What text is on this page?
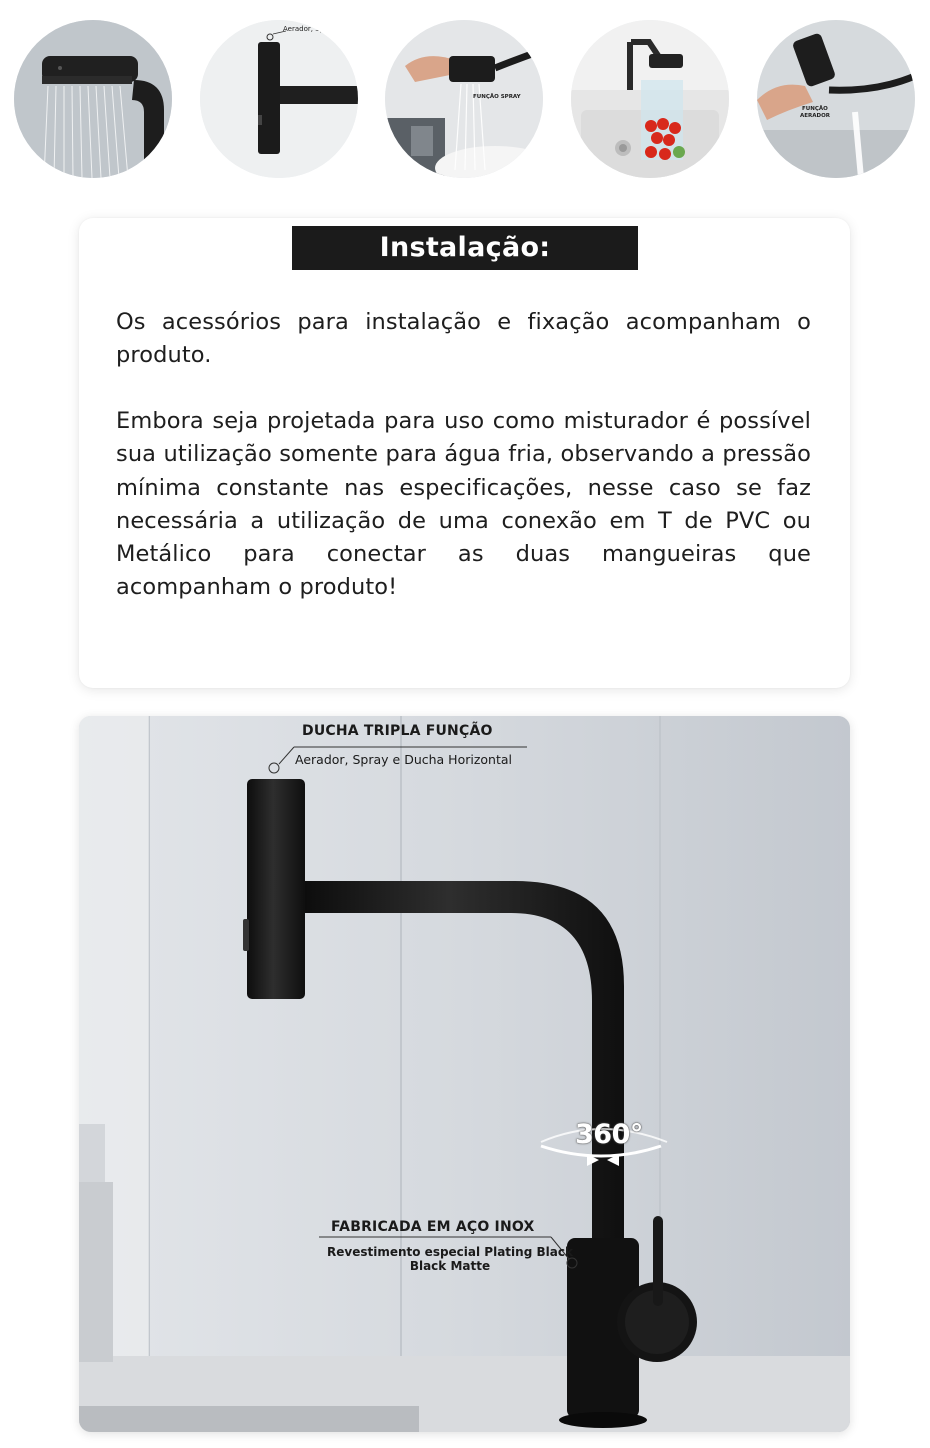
Aerador, Spray
FUNÇÃO SPRAY
FUNÇÃO
AERADOR
Instalação:

Os acessórios para instalação e fixação acompanham o produto.

Embora seja projetada para uso como misturador é possível sua utilização somente para água fria, observando a pressão mínima constante nas especificações, nesse caso se faz necessária a utilização de uma conexão em T de PVC ou Metálico para conectar as duas mangueiras que acompanham o produto!

DUCHA TRIPLA FUNÇÃO
Aerador, Spray e Ducha Horizontal
360°
FABRICADA EM AÇO INOX
Revestimento especial Plating Black
Black Matte
